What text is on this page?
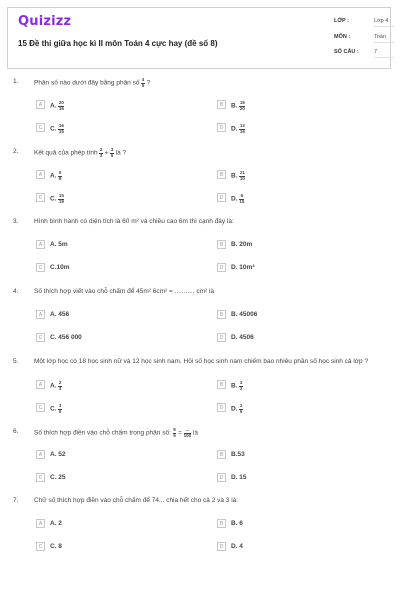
Quizizz
15 Đề thi giữa học kì II môn Toán 4 cực hay (đề số 8)
LỚP :	Lớp 4
MÔN :	Toán
SỐ CÂU :	7
1. Phân số nào dưới đây bằng phân số $\frac{4}{5}$ ?
A	A. $\frac{20}{16}$	B	B. $\frac{16}{20}$
C	C. $\frac{16}{15}$	D	D. $\frac{12}{16}$
2. Kết quả của phép tính $\frac{2}{3} + \frac{3}{5}$ là ?
A	A. $\frac{5}{8}$	B	B. $\frac{21}{10}$
C	C. $\frac{15}{19}$	D	D. $\frac{6}{15}$
3. Hình bình hành có diện tích là 60 m² và chiều cao 6m thì cạnh đáy là:
A	A. 5m	B	B. 20m
C	C.10m	D	D. 10m²
4. Số thích hợp viết vào chỗ chấm để 45m² 6cm² = ........... cm² là
A	A. 456	B	B. 45006
C	C. 456 000	D	D. 4506
5. Một lớp học có 18 học sinh nữ và 12 học sinh nam. Hỏi số học sinh nam chiếm bao nhiêu phần số học sinh cả lớp ?
A	A. $\frac{2}{3}$	B	B. $\frac{3}{2}$
C	C. $\frac{3}{5}$	D	D. $\frac{2}{5}$
6. Số thích hợp điền vào chỗ chấm trong phân số: $\frac{9}{5} = \frac{...}{100}$ là
A	A. 52	B	B.53
C	C. 25	D	D. 15
7. Chữ số thích hợp điền vào chỗ chấm để 74... chia hết cho cả 2 và 3 là:
A	A. 2	B	B. 6
C	C. 8	D	D. 4
